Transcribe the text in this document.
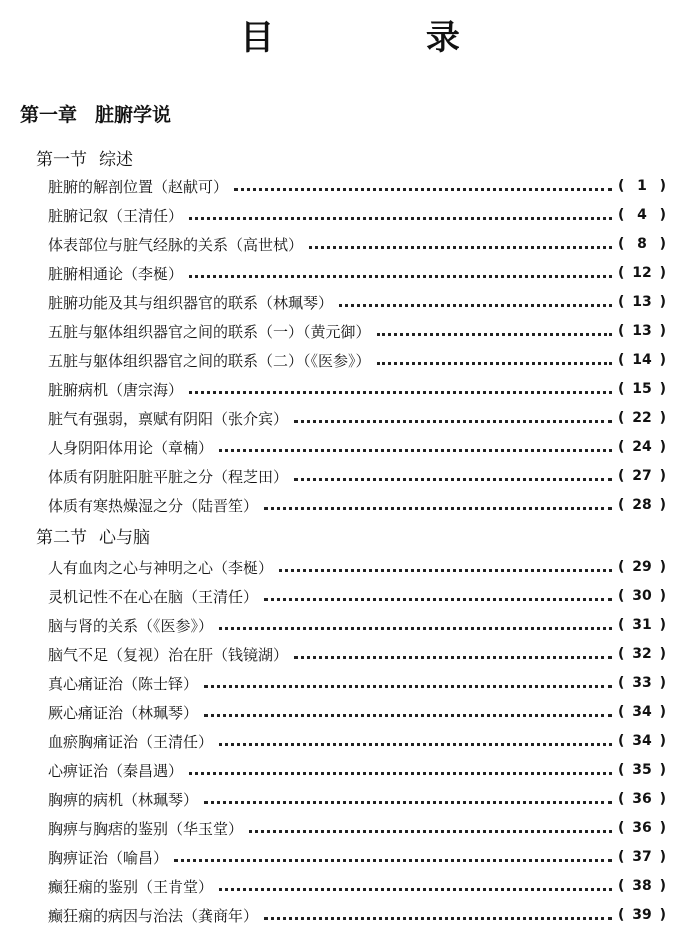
目 录
第一章 脏腑学说
第一节 综述
脏腑的解剖位置（赵献可）	( 1 )
脏腑记叙（王清任）	( 4 )
体表部位与脏气经脉的关系（高世栻）	( 8 )
脏腑相通论（李梴）	( 12 )
脏腑功能及其与组织器官的联系（林珮琴）	( 13 )
五脏与躯体组织器官之间的联系（一）（黄元御）	( 13 )
五脏与躯体组织器官之间的联系（二）（《医参》）	( 14 )
脏腑病机（唐宗海）	( 15 )
脏气有强弱，禀赋有阴阳（张介宾）	( 22 )
人身阴阳体用论（章楠）	( 24 )
体质有阴脏阳脏平脏之分（程芝田）	( 27 )
体质有寒热燥湿之分（陆晋笙）	( 28 )
第二节 心与脑
人有血肉之心与神明之心（李梴）	( 29 )
灵机记性不在心在脑（王清任）	( 30 )
脑与肾的关系（《医参》）	( 31 )
脑气不足（复视）治在肝（钱镜湖）	( 32 )
真心痛证治（陈士铎）	( 33 )
厥心痛证治（林珮琴）	( 34 )
血瘀胸痛证治（王清任）	( 34 )
心痹证治（秦昌遇）	( 35 )
胸痹的病机（林珮琴）	( 36 )
胸痹与胸痞的鉴别（华玉堂）	( 36 )
胸痹证治（喻昌）	( 37 )
癫狂痫的鉴别（王肯堂）	( 38 )
癫狂痫的病因与治法（龚商年）	( 39 )
